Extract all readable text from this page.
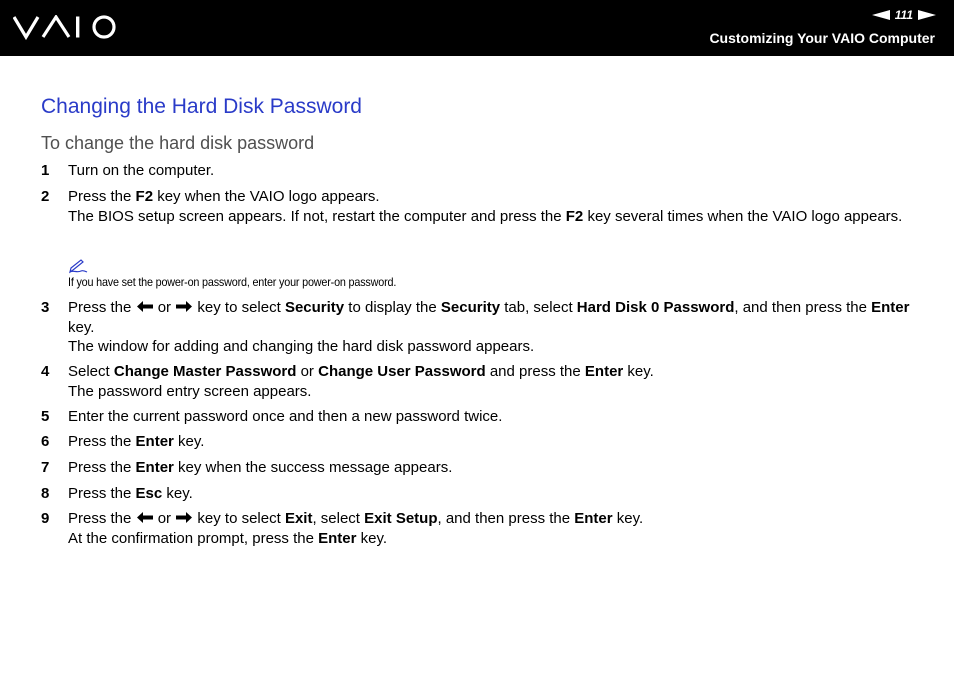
111
Customizing Your VAIO Computer
Changing the Hard Disk Password
To change the hard disk password
1 Turn on the computer.
2 Press the F2 key when the VAIO logo appears.
The BIOS setup screen appears. If not, restart the computer and press the F2 key several times when the VAIO logo appears.
If you have set the power-on password, enter your power-on password.
3 Press the  or  key to select Security to display the Security tab, select Hard Disk 0 Password, and then press the Enter key.
The window for adding and changing the hard disk password appears.
4 Select Change Master Password or Change User Password and press the Enter key.
The password entry screen appears.
5 Enter the current password once and then a new password twice.
6 Press the Enter key.
7 Press the Enter key when the success message appears.
8 Press the Esc key.
9 Press the  or  key to select Exit, select Exit Setup, and then press the Enter key.
At the confirmation prompt, press the Enter key.
